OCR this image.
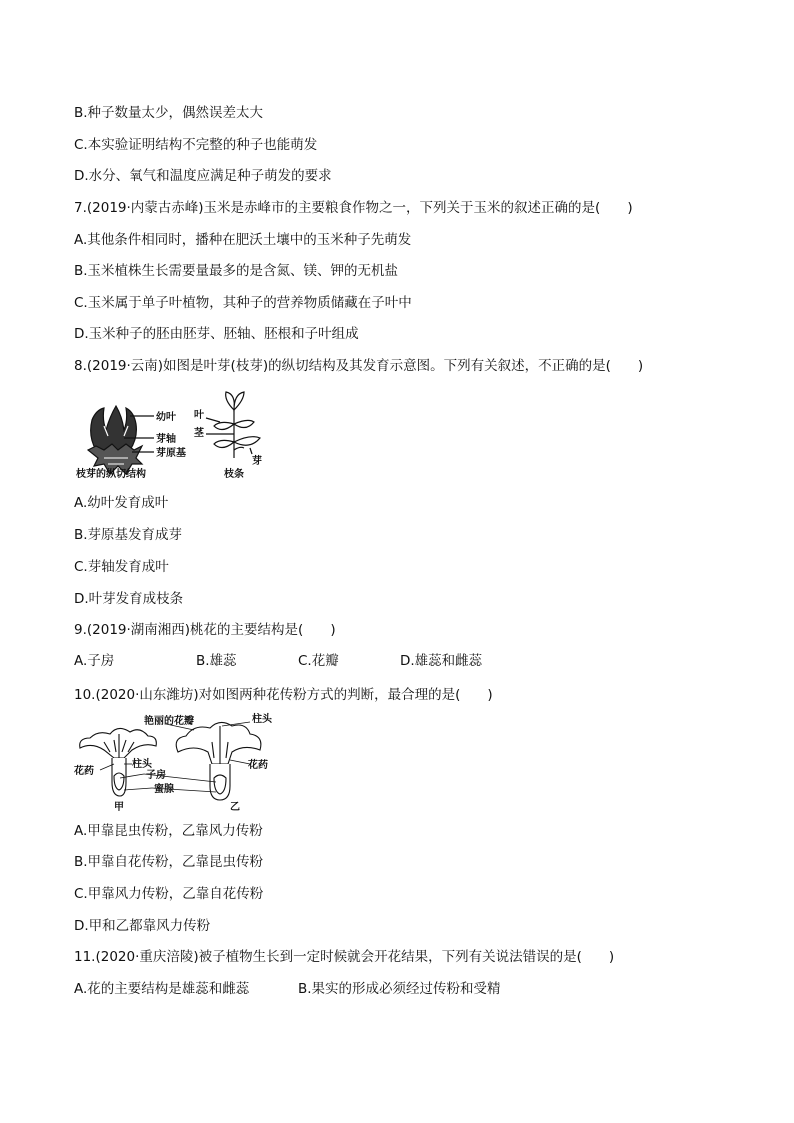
B.种子数量太少，偶然误差太大
C.本实验证明结构不完整的种子也能萌发
D.水分、氧气和温度应满足种子萌发的要求
7.(2019·内蒙古赤峰)玉米是赤峰市的主要粮食作物之一，下列关于玉米的叙述正确的是(　　)
A.其他条件相同时，播种在肥沃土壤中的玉米种子先萌发
B.玉米植株生长需要量最多的是含氮、镁、钾的无机盐
C.玉米属于单子叶植物，其种子的营养物质储藏在子叶中
D.玉米种子的胚由胚芽、胚轴、胚根和子叶组成
8.(2019·云南)如图是叶芽(枝芽)的纵切结构及其发育示意图。下列有关叙述，不正确的是(　　)
幼叶
芽轴
芽原基
枝芽的纵切结构
叶
茎
芽
枝条
A.幼叶发育成叶
B.芽原基发育成芽
C.芽轴发育成叶
D.叶芽发育成枝条
9.(2019·湖南湘西)桃花的主要结构是(　　)
A.子房	B.雄蕊	C.花瓣	D.雄蕊和雌蕊
10.(2020·山东潍坊)对如图两种花传粉方式的判断，最合理的是(　　)
艳丽的花瓣	柱头
花药
柱头
子房
蜜腺
花药
甲	乙
A.甲靠昆虫传粉，乙靠风力传粉
B.甲靠自花传粉，乙靠昆虫传粉
C.甲靠风力传粉，乙靠自花传粉
D.甲和乙都靠风力传粉
11.(2020·重庆涪陵)被子植物生长到一定时候就会开花结果，下列有关说法错误的是(　　)
A.花的主要结构是雄蕊和雌蕊	B.果实的形成必须经过传粉和受精
